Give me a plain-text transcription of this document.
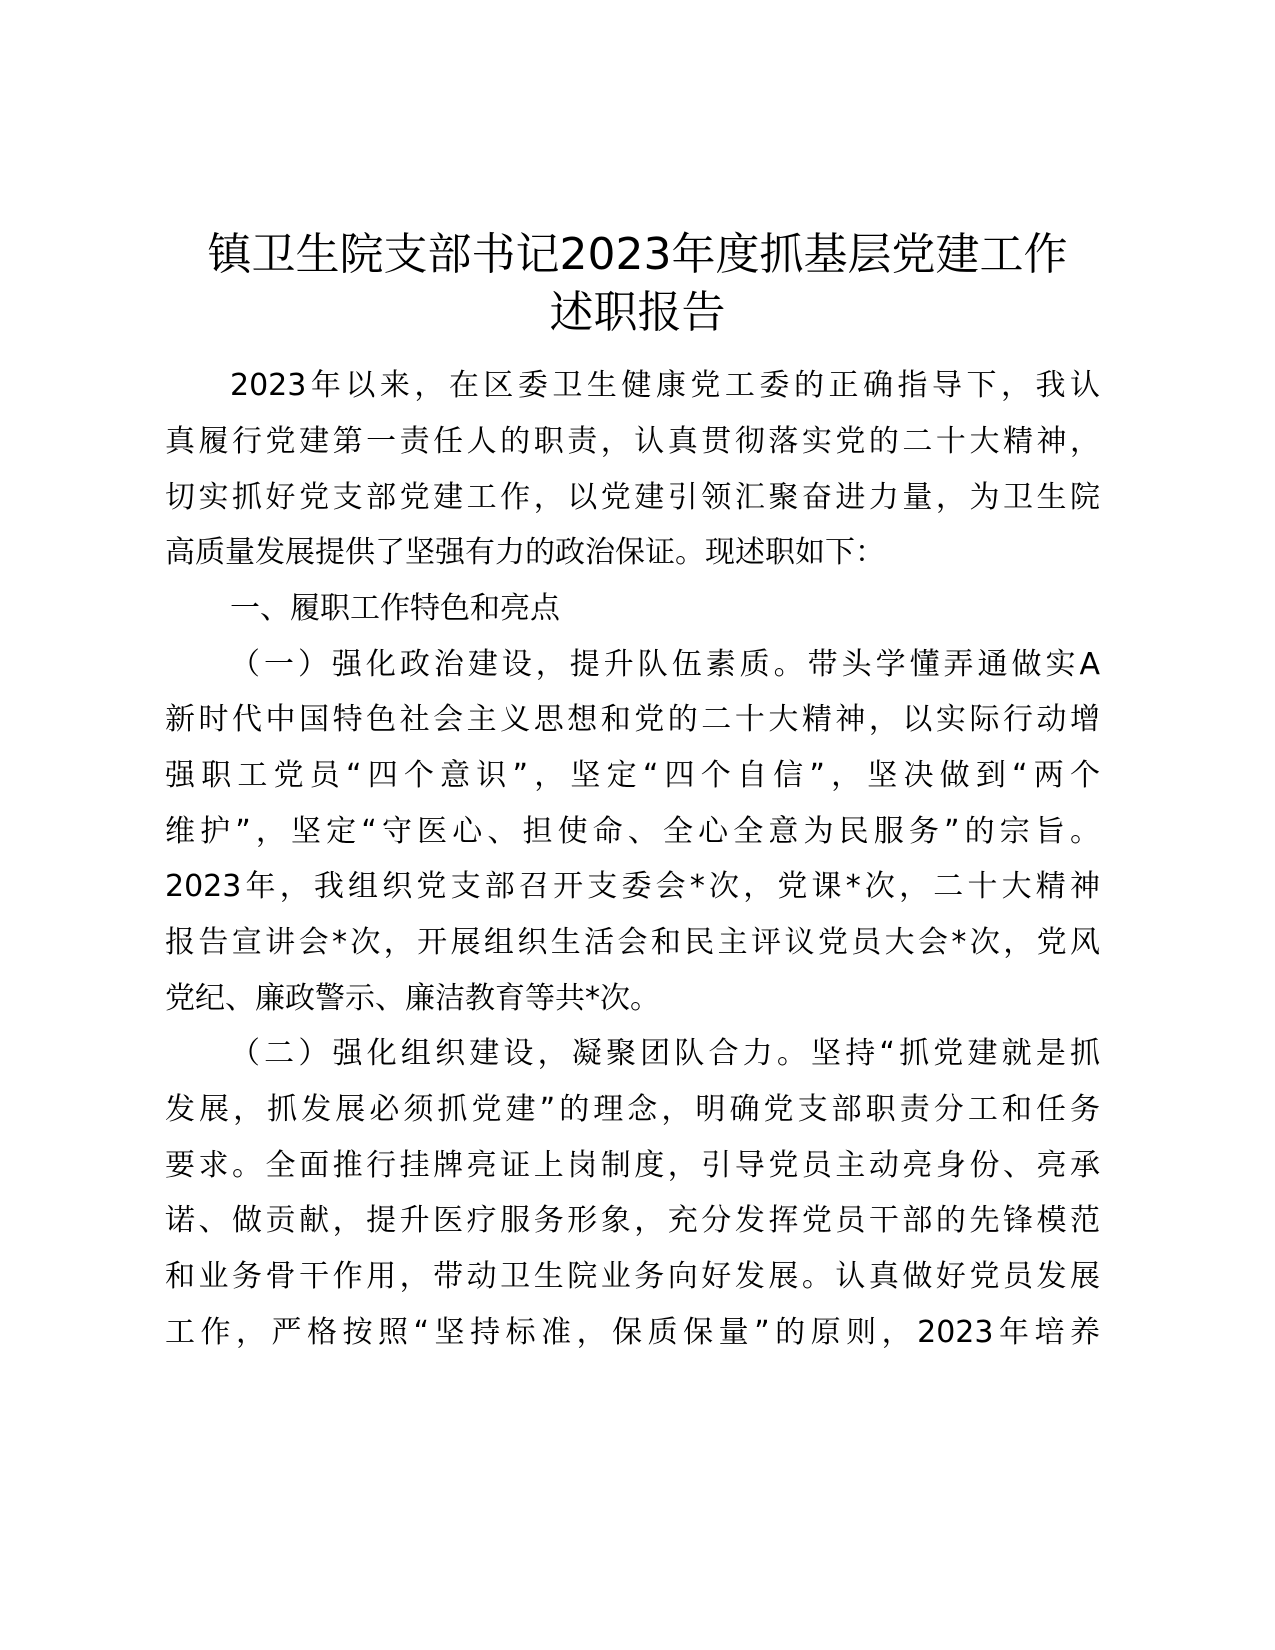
镇卫生院支部书记2023年度抓基层党建工作
述职报告
2023年以来，在区委卫生健康党工委的正确指导下，我认
真履行党建第一责任人的职责，认真贯彻落实党的二十大精神，
切实抓好党支部党建工作，以党建引领汇聚奋进力量，为卫生院
高质量发展提供了坚强有力的政治保证。现述职如下：
一、履职工作特色和亮点
（一）强化政治建设，提升队伍素质。带头学懂弄通做实A
新时代中国特色社会主义思想和党的二十大精神，以实际行动增
强职工党员“四个意识”，坚定“四个自信”，坚决做到“两个
维护”，坚定“守医心、担使命、全心全意为民服务”的宗旨。
2023年，我组织党支部召开支委会*次，党课*次，二十大精神
报告宣讲会*次，开展组织生活会和民主评议党员大会*次，党风
党纪、廉政警示、廉洁教育等共*次。
（二）强化组织建设，凝聚团队合力。坚持“抓党建就是抓
发展，抓发展必须抓党建”的理念，明确党支部职责分工和任务
要求。全面推行挂牌亮证上岗制度，引导党员主动亮身份、亮承
诺、做贡献，提升医疗服务形象，充分发挥党员干部的先锋模范
和业务骨干作用，带动卫生院业务向好发展。认真做好党员发展
工作，严格按照“坚持标准，保质保量”的原则，2023年培养
